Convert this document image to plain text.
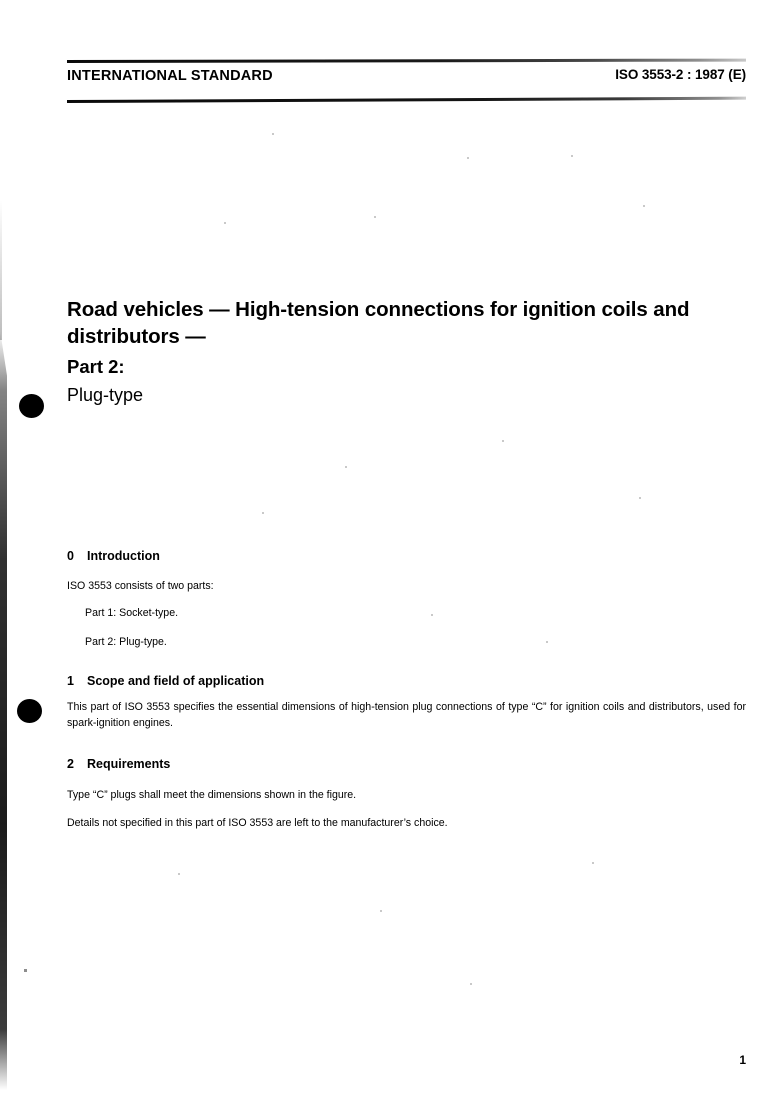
INTERNATIONAL STANDARD	ISO 3553-2 : 1987 (E)
Road vehicles — High-tension connections for ignition coils and distributors —
Part 2:
Plug-type
0 Introduction
ISO 3553 consists of two parts:
Part 1: Socket-type.
Part 2: Plug-type.
1 Scope and field of application
This part of ISO 3553 specifies the essential dimensions of high-tension plug connections of type “C” for ignition coils and distributors, used for spark-ignition engines.
2 Requirements
Type “C” plugs shall meet the dimensions shown in the figure.
Details not specified in this part of ISO 3553 are left to the manufacturer’s choice.
1
